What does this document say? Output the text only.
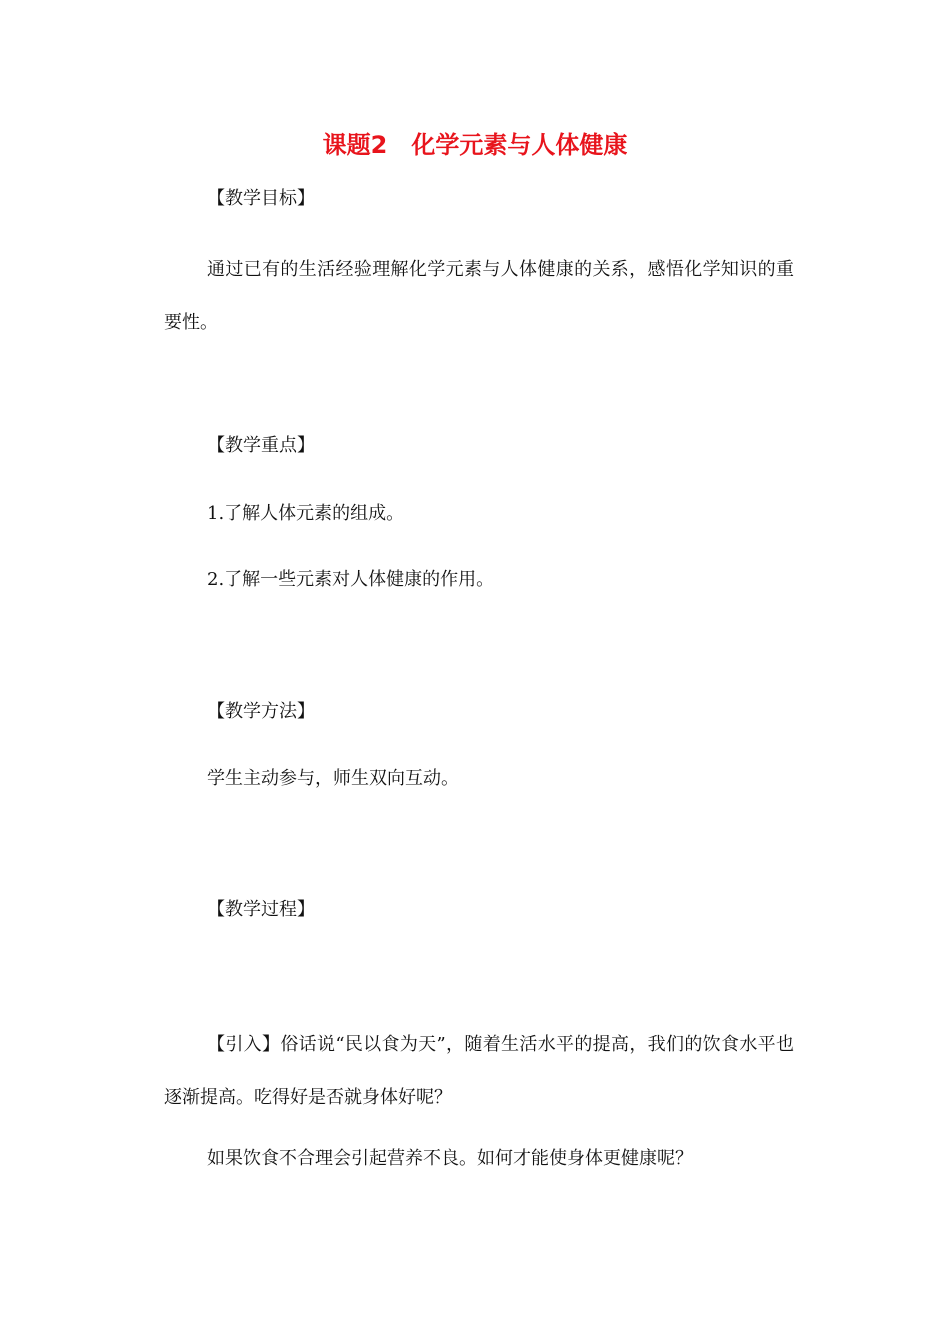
课题2　化学元素与人体健康
【教学目标】
通过已有的生活经验理解化学元素与人体健康的关系，感悟化学知识的重要性。
【教学重点】
1.了解人体元素的组成。
2.了解一些元素对人体健康的作用。
【教学方法】
学生主动参与，师生双向互动。
【教学过程】
【引入】俗话说“民以食为天”，随着生活水平的提高，我们的饮食水平也逐渐提高。吃得好是否就身体好呢？
如果饮食不合理会引起营养不良。如何才能使身体更健康呢？
